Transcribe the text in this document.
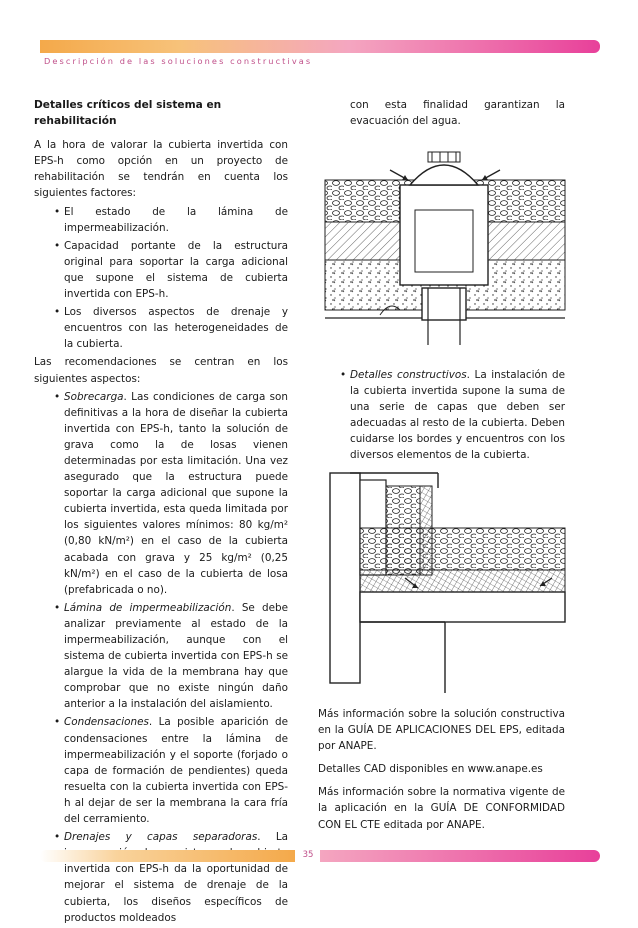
Descripción de las soluciones constructivas
Detalles críticos del sistema en rehabilitación

A la hora de valorar la cubierta invertida con EPS-h como opción en un proyecto de rehabilitación se tendrán en cuenta los siguientes factores:

• El estado de la lámina de impermeabilización.
• Capacidad portante de la estructura original para soportar la carga adicional que supone el sistema de cubierta invertida con EPS-h.
• Los diversos aspectos de drenaje y encuentros con las heterogeneidades de la cubierta.

Las recomendaciones se centran en los siguientes aspectos:

• Sobrecarga. Las condiciones de carga son definitivas a la hora de diseñar la cubierta invertida con EPS-h, tanto la solución de grava como la de losas vienen determinadas por esta limitación. Una vez asegurado que la estructura puede soportar la carga adicional que supone la cubierta invertida, esta queda limitada por los siguientes valores mínimos: 80 kg/m² (0,80 kN/m²) en el caso de la cubierta acabada con grava y 25 kg/m² (0,25 kN/m²) en el caso de la cubierta de losa (prefabricada o no).
• Lámina de impermeabilización. Se debe analizar previamente al estado de la impermeabilización, aunque con el sistema de cubierta invertida con EPS-h se alargue la vida de la membrana hay que comprobar que no existe ningún daño anterior a la instalación del aislamiento.
• Condensaciones. La posible aparición de condensaciones entre la lámina de impermeabilización y el soporte (forjado o capa de formación de pendientes) queda resuelta con la cubierta invertida con EPS-h al dejar de ser la membrana la cara fría del cerramiento.
• Drenajes y capas separadoras. La invertida con EPS-h da la oportunidad de mejorar el sistema de drenaje de la cubierta, los diseños específicos de productos moldeados

con esta finalidad garantizan la evacuación del agua.

• Detalles constructivos. La instalación de la cubierta invertida supone la suma de una serie de capas que deben ser adecuadas al resto de la cubierta. Deben cuidarse los bordes y encuentros con los diversos elementos de la cubierta.

Más información sobre la solución constructiva en la GUÍA DE APLICACIONES DEL EPS, editada por ANAPE.

Detalles CAD disponibles en www.anape.es

Más información sobre la normativa vigente de la aplicación en la GUÍA DE CONFORMIDAD CON EL CTE editada por ANAPE.

35
